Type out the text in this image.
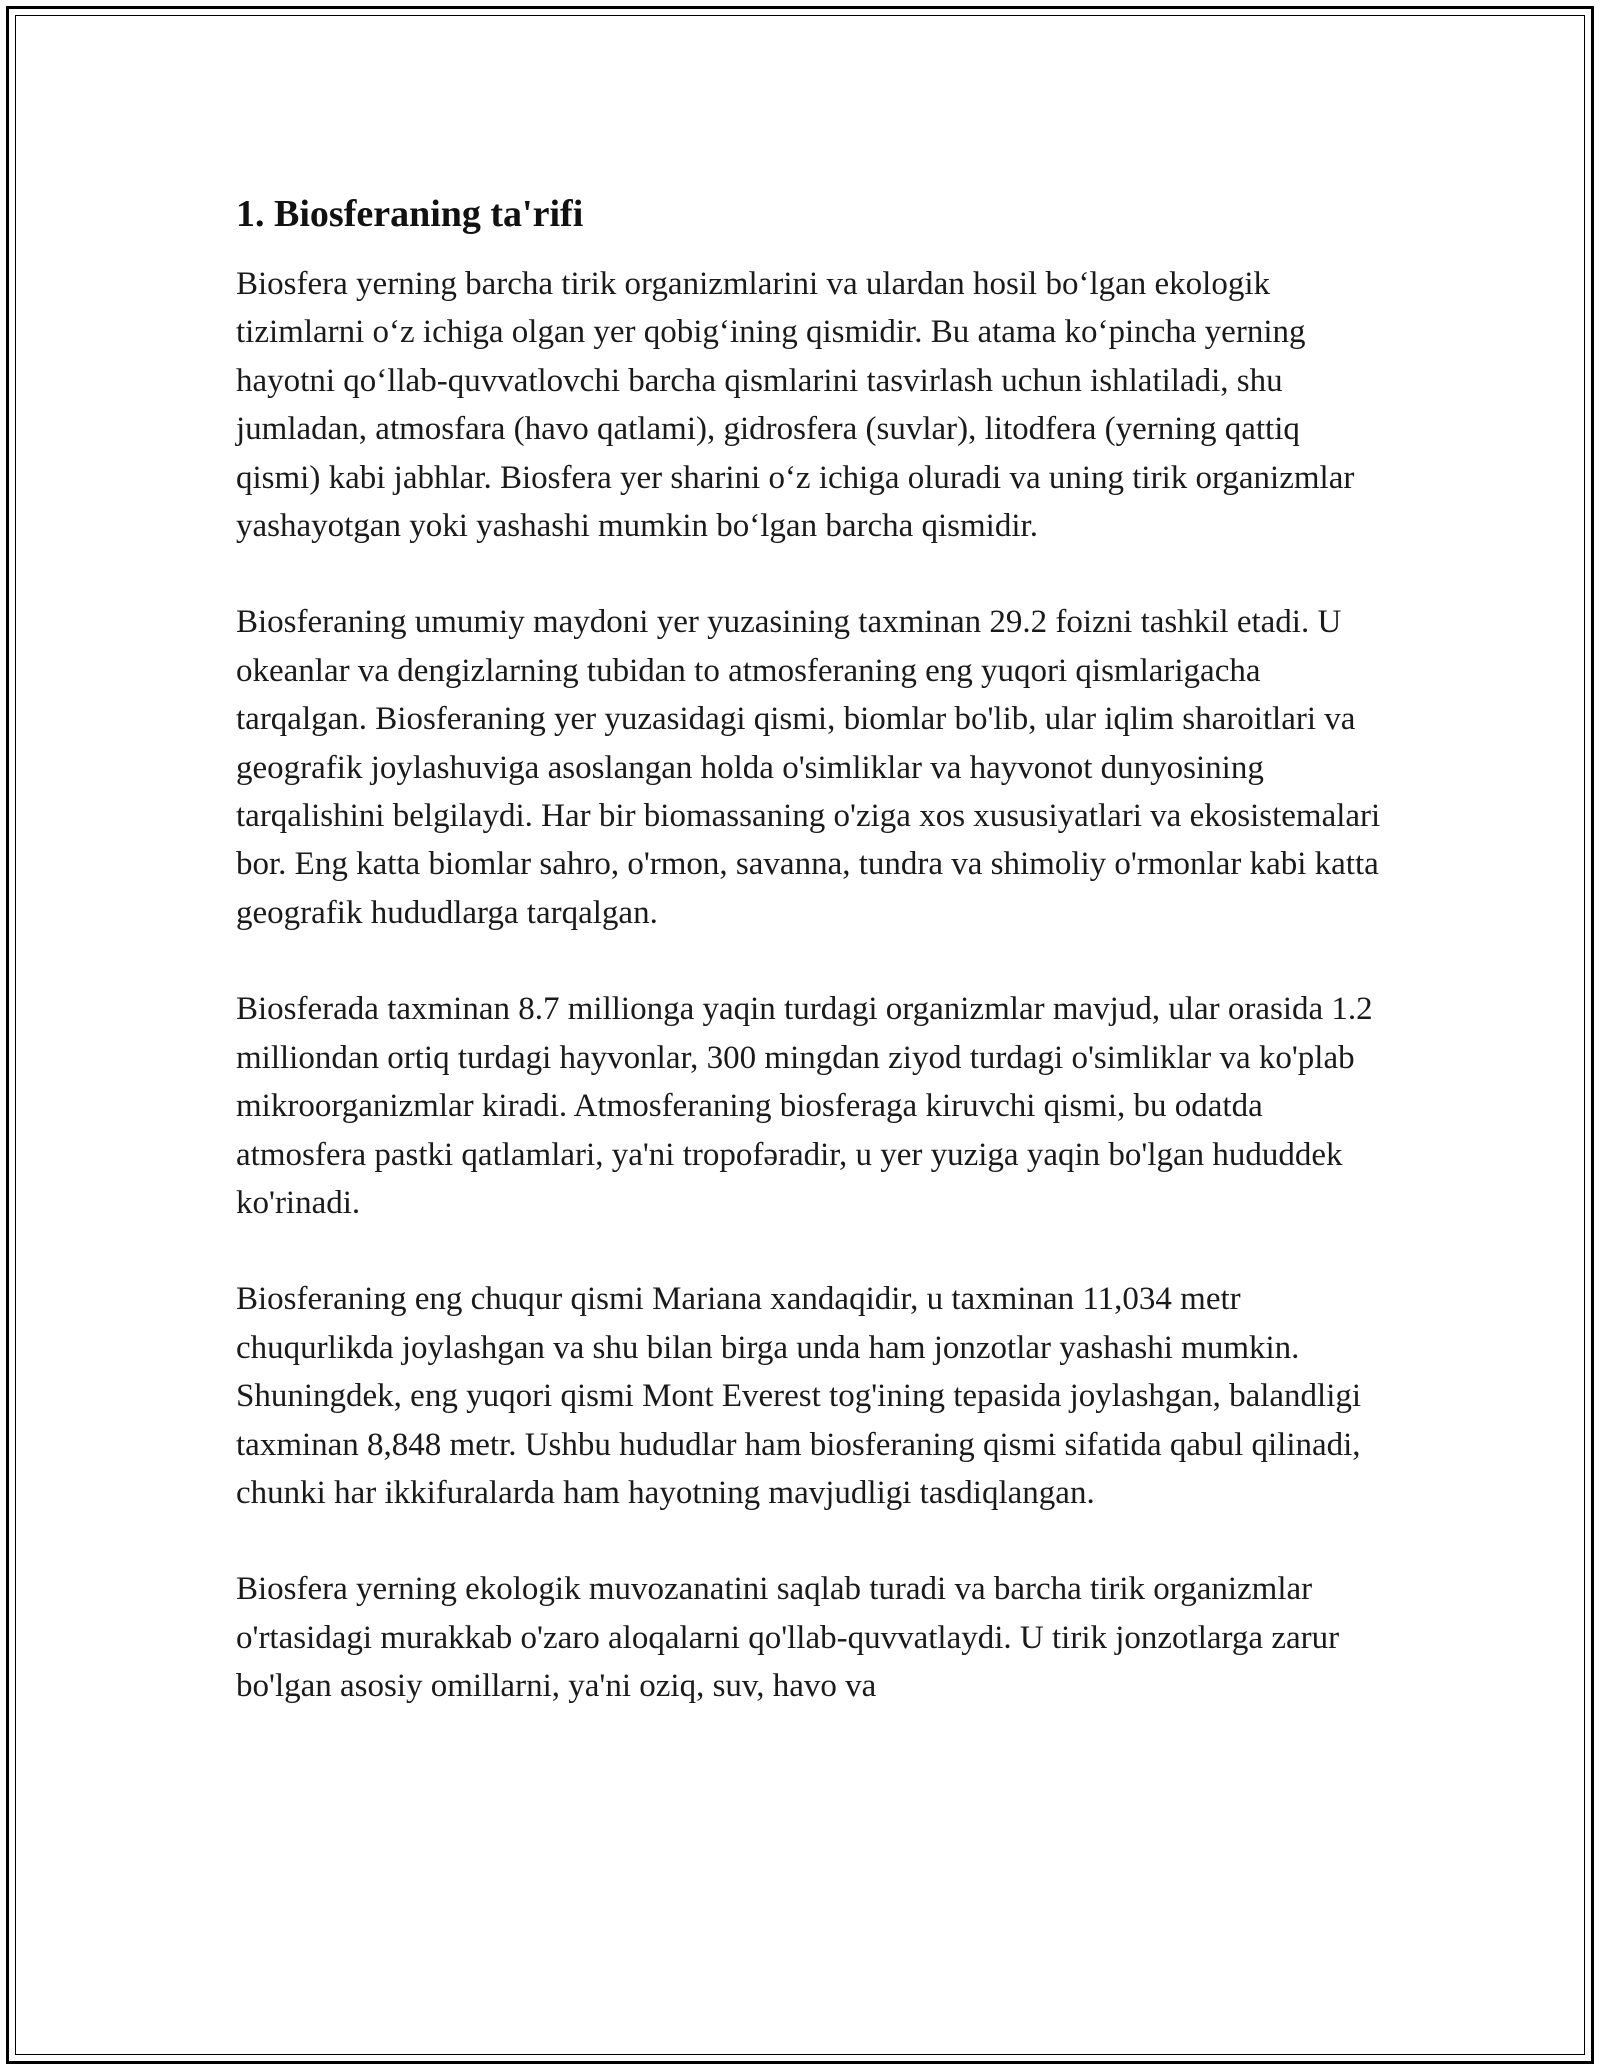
1. Biosferaning ta'rifi

Biosfera yerning barcha tirik organizmlarini va ulardan hosil bo‘lgan ekologik tizimlarni o‘z ichiga olgan yer qobig‘ining qismidir. Bu atama ko‘pincha yerning hayotni qo‘llab-quvvatlovchi barcha qismlarini tasvirlash uchun ishlatiladi, shu jumladan, atmosfara (havo qatlami), gidrosfera (suvlar), litodfera (yerning qattiq qismi) kabi jabhlar. Biosfera yer sharini o‘z ichiga oluradi va uning tirik organizmlar yashayotgan yoki yashashi mumkin bo‘lgan barcha qismidir.

Biosferaning umumiy maydoni yer yuzasining taxminan 29.2 foizni tashkil etadi. U okeanlar va dengizlarning tubidan to atmosferaning eng yuqori qismlarigacha tarqalgan. Biosferaning yer yuzasidagi qismi, biomlar bo'lib, ular iqlim sharoitlari va geografik joylashuviga asoslangan holda o'simliklar va hayvonot dunyosining tarqalishini belgilaydi. Har bir biomassaning o'ziga xos xususiyatlari va ekosistemalari bor. Eng katta biomlar sahro, o'rmon, savanna, tundra va shimoliy o'rmonlar kabi katta geografik hududlarga tarqalgan.

Biosferada taxminan 8.7 millionga yaqin turdagi organizmlar mavjud, ular orasida 1.2 milliondan ortiq turdagi hayvonlar, 300 mingdan ziyod turdagi o'simliklar va ko'plab mikroorganizmlar kiradi. Atmosferaning biosferaga kiruvchi qismi, bu odatda atmosfera pastki qatlamlari, ya'ni tropofəradir, u yer yuziga yaqin bo'lgan hududdek ko'rinadi.

Biosferaning eng chuqur qismi Mariana xandaqidir, u taxminan 11,034 metr chuqurlikda joylashgan va shu bilan birga unda ham jonzotlar yashashi mumkin. Shuningdek, eng yuqori qismi Mont Everest tog'ining tepasida joylashgan, balandligi taxminan 8,848 metr. Ushbu hududlar ham biosferaning qismi sifatida qabul qilinadi, chunki har ikkifuralarda ham hayotning mavjudligi tasdiqlangan.

Biosfera yerning ekologik muvozanatini saqlab turadi va barcha tirik organizmlar o'rtasidagi murakkab o'zaro aloqalarni qo'llab-quvvatlaydi. U tirik jonzotlarga zarur bo'lgan asosiy omillarni, ya'ni oziq, suv, havo va
